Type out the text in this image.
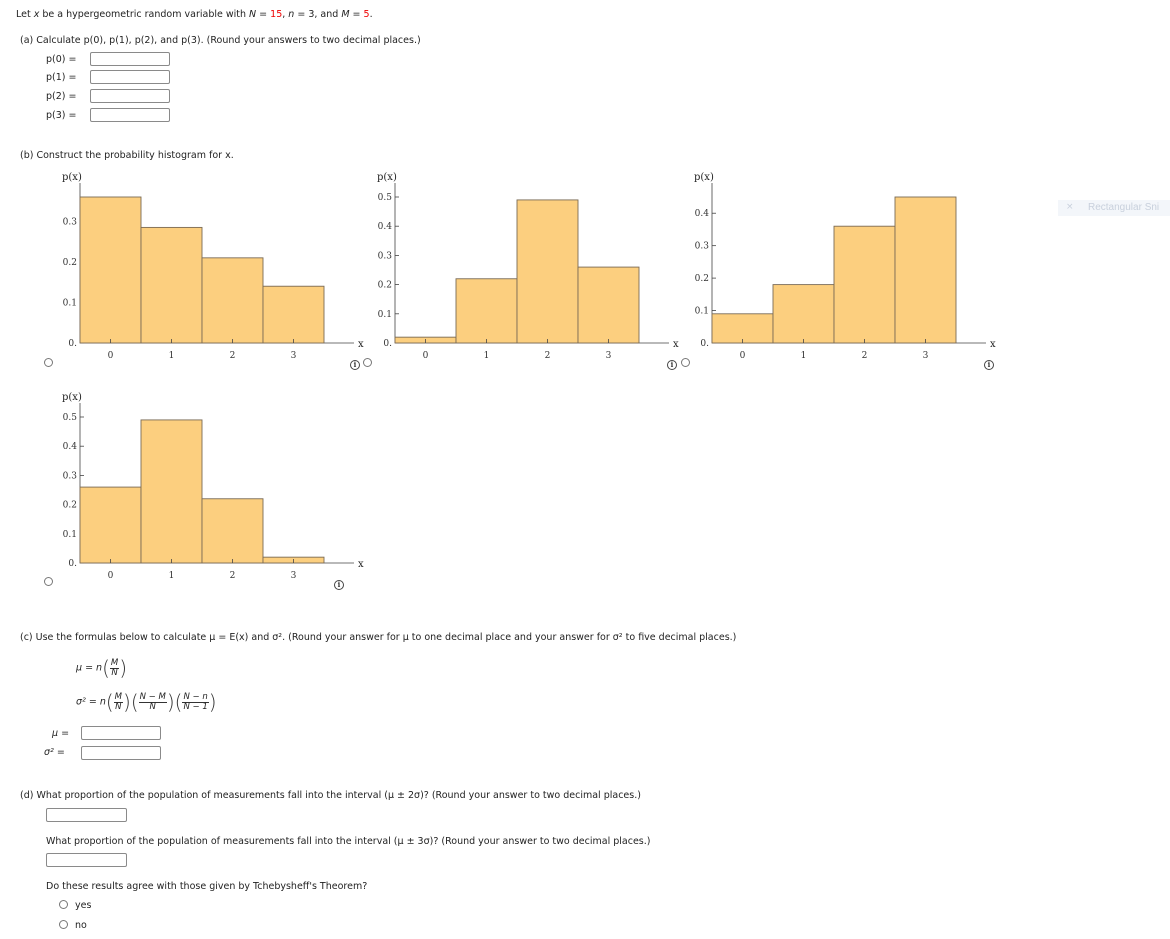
Let x be a hypergeometric random variable with N = 15, n = 3, and M = 5.
(a) Calculate p(0), p(1), p(2), and p(3). (Round your answers to two decimal places.)
p(0) =
p(1) =
p(2) =
p(3) =
(b) Construct the probability histogram for x.
p(x)
0.
0.1
0.2
0.3
x
0	1	2	3
p(x)
0.
0.1
0.2
0.3
0.4
0.5
x
0	1	2	3
p(x)
0.
0.1
0.2
0.3
0.4
x
0	1	2	3
p(x)
0.
0.1
0.2
0.3
0.4
0.5
x
0	1	2	3
i	i	i
i
× Rectangular Sni
(c) Use the formulas below to calculate μ = E(x) and σ². (Round your answer for μ to one decimal place and your answer for σ² to five decimal places.)
$\mu = n( \frac{M}{N}$ )
$\sigma^2 = n( \frac{M}{N}$ )( $\frac{N - M}{N}$ )( $\frac{N - n}{N - 1}$ )
μ =
σ² =
(d) What proportion of the population of measurements fall into the interval (μ ± 2σ)? (Round your answer to two decimal places.)
What proportion of the population of measurements fall into the interval (μ ± 3σ)? (Round your answer to two decimal places.)
Do these results agree with those given by Tchebysheff's Theorem?
yes
no
